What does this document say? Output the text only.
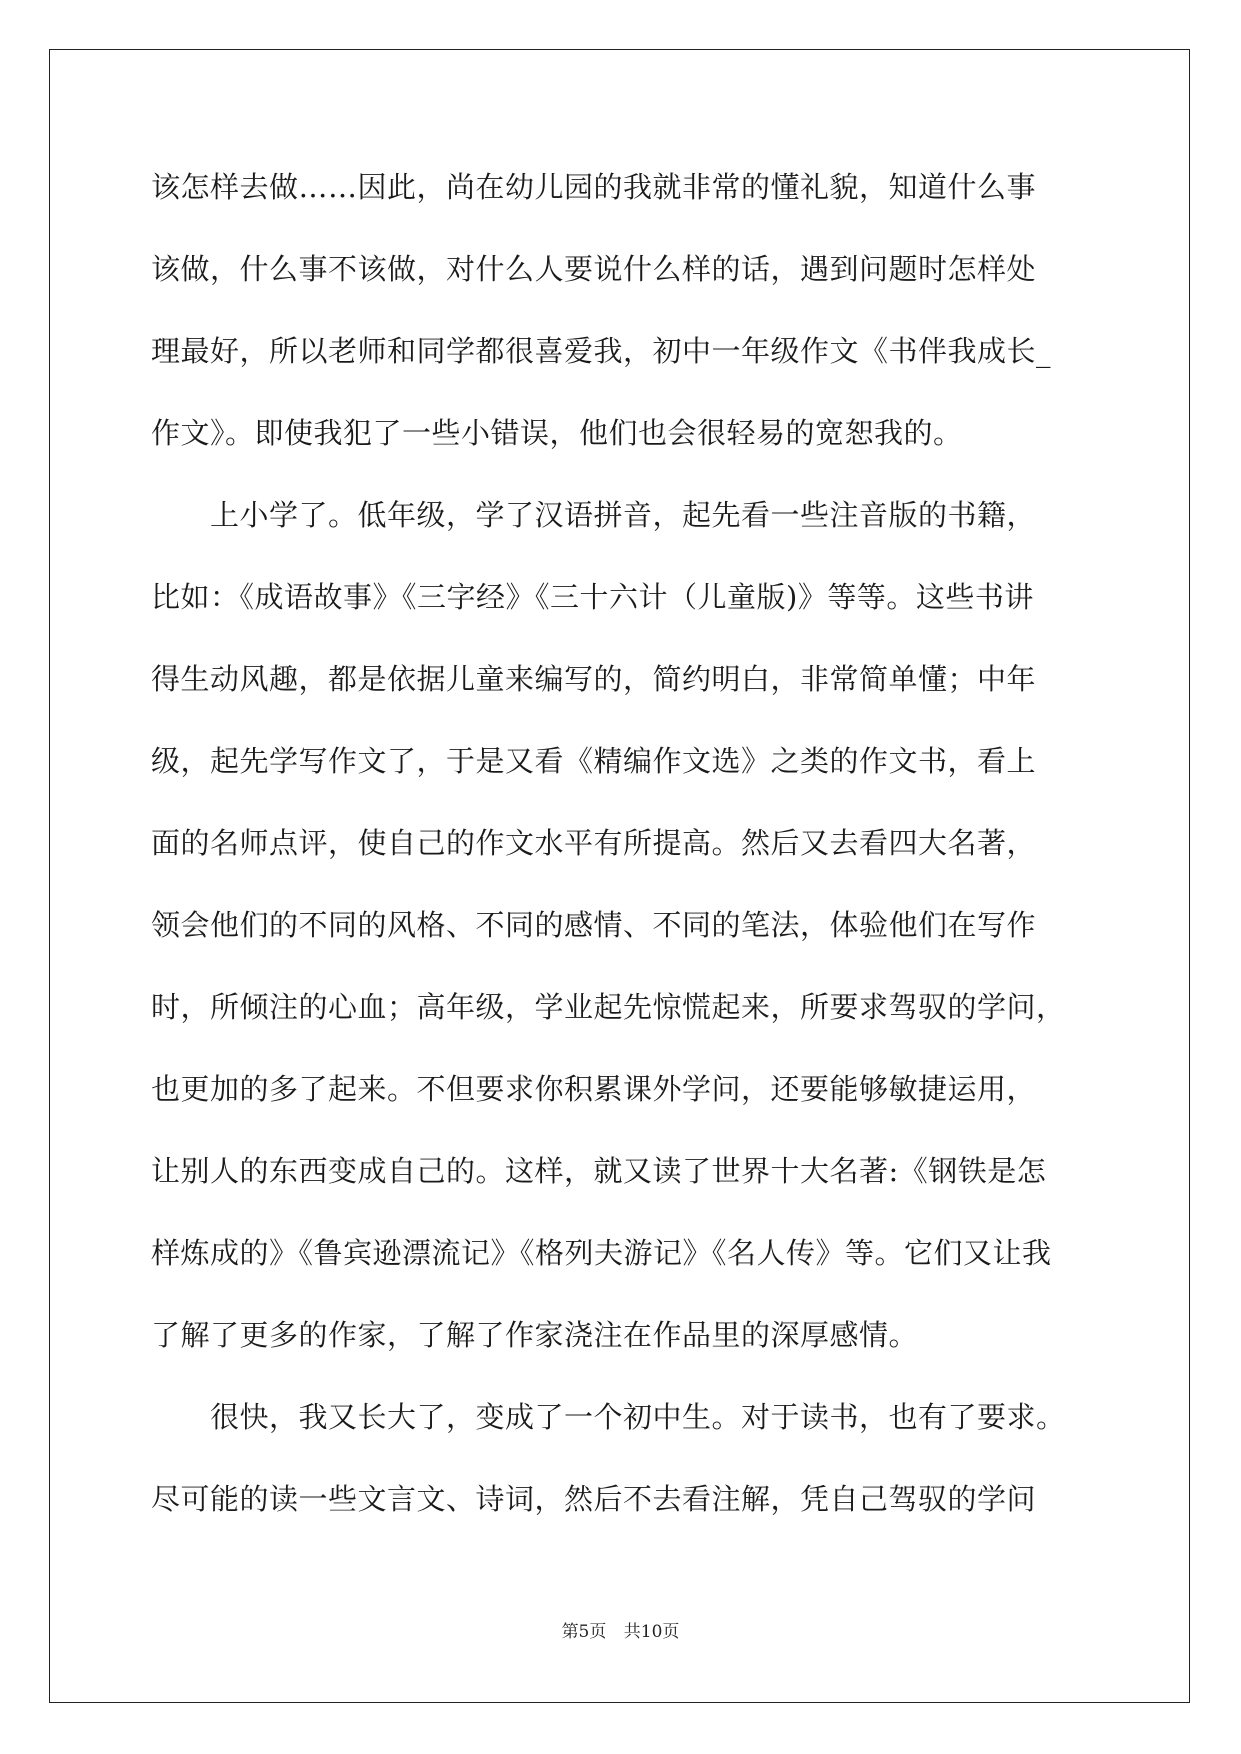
该怎样去做……因此，尚在幼儿园的我就非常的懂礼貌，知道什么事
该做，什么事不该做，对什么人要说什么样的话，遇到问题时怎样处
理最好，所以老师和同学都很喜爱我，初中一年级作文《书伴我成长_
作文》。即使我犯了一些小错误，他们也会很轻易的宽恕我的。
　　上小学了。低年级，学了汉语拼音，起先看一些注音版的书籍，
比如：《成语故事》《三字经》《三十六计（儿童版)》等等。这些书讲
得生动风趣，都是依据儿童来编写的，简约明白，非常简单懂；中年
级，起先学写作文了，于是又看《精编作文选》之类的作文书，看上
面的名师点评，使自己的作文水平有所提高。然后又去看四大名著，
领会他们的不同的风格、不同的感情、不同的笔法，体验他们在写作
时，所倾注的心血；高年级，学业起先惊慌起来，所要求驾驭的学问，
也更加的多了起来。不但要求你积累课外学问，还要能够敏捷运用，
让别人的东西变成自己的。这样，就又读了世界十大名著:《钢铁是怎
样炼成的》《鲁宾逊漂流记》《格列夫游记》《名人传》等。它们又让我
了解了更多的作家，了解了作家浇注在作品里的深厚感情。
　　很快，我又长大了，变成了一个初中生。对于读书，也有了要求。
尽可能的读一些文言文、诗词，然后不去看注解，凭自己驾驭的学问
第5页 共10页
